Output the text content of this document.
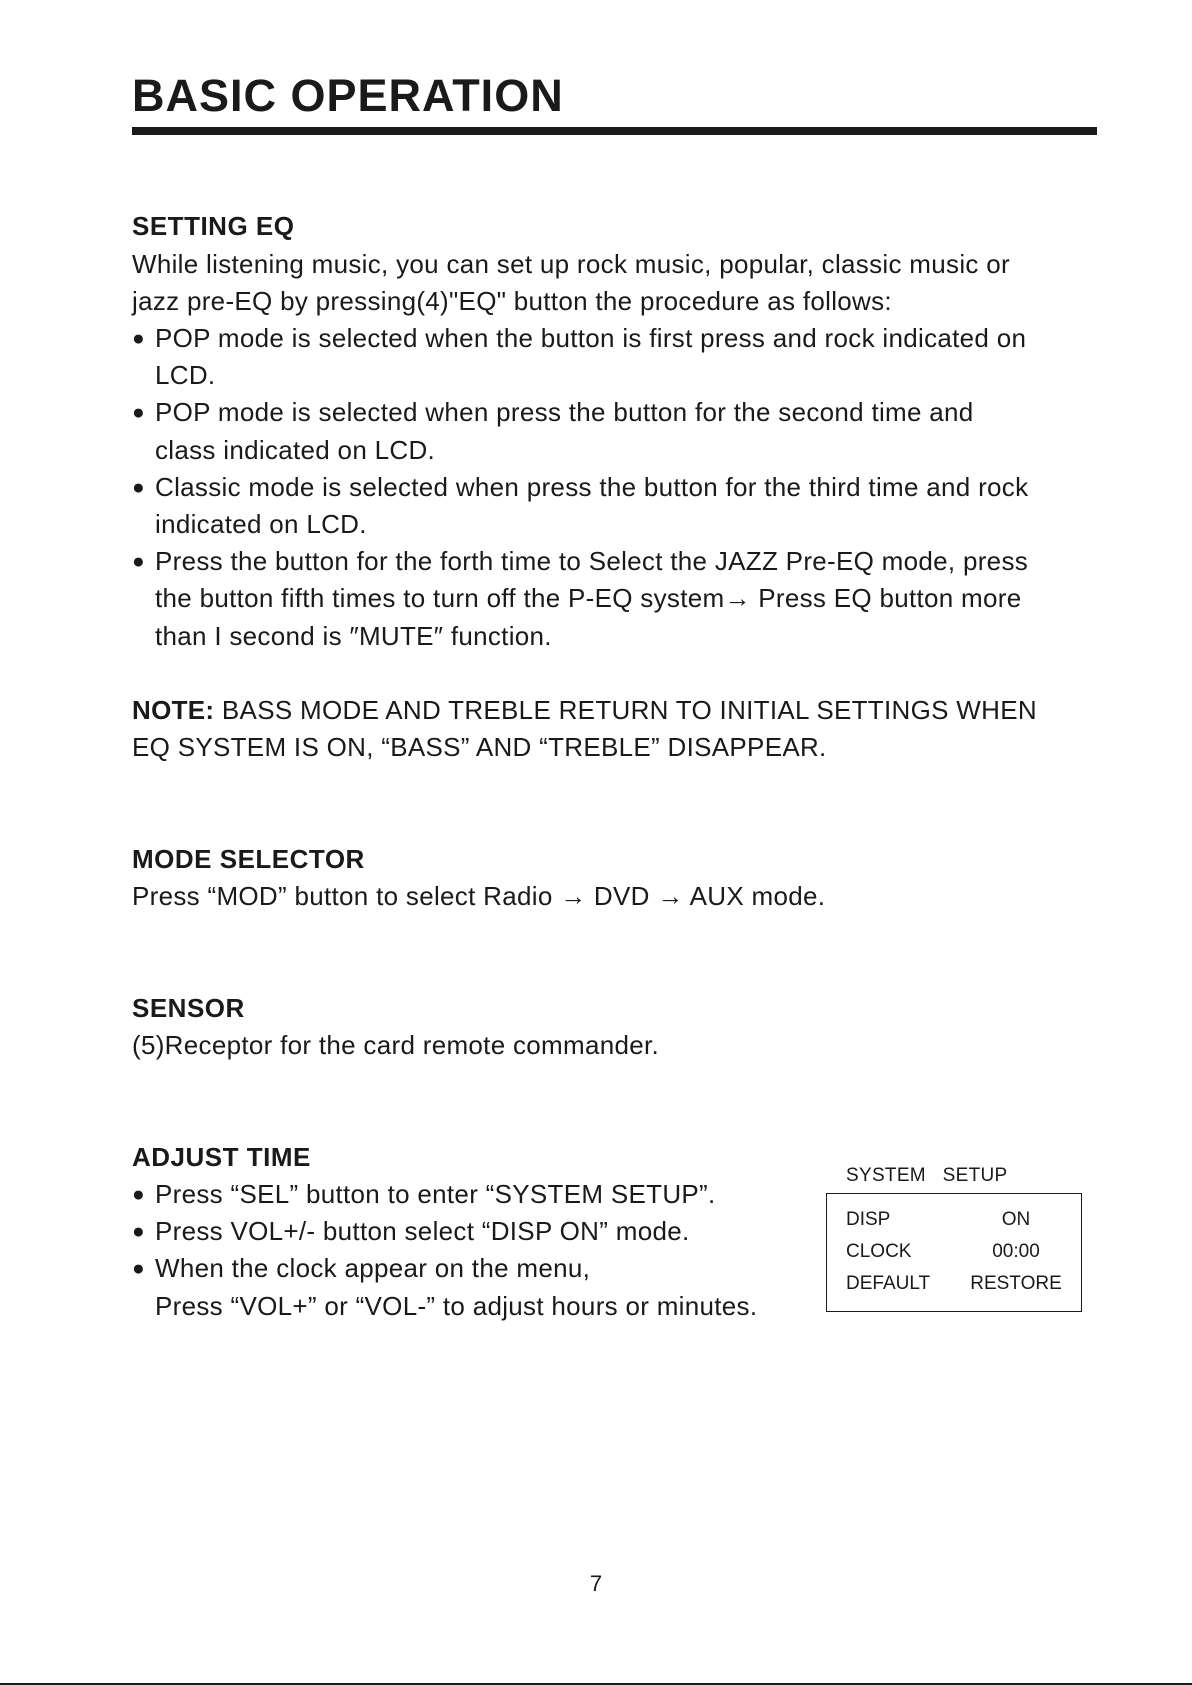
BASIC OPERATION
SETTING EQ

While listening music, you can set up rock music, popular, classic music or
jazz pre-EQ by pressing(4)"EQ" button the procedure as follows:

● POP mode is selected when the button is first press and rock indicated on
LCD.
● POP mode is selected when press the button for the second time and
class indicated on LCD.
● Classic mode is selected when press the button for the third time and rock
indicated on LCD.
● Press the button for the forth time to Select the JAZZ Pre-EQ mode, press
the button fifth times to turn off the P-EQ system→ Press EQ button more
than I second is ″MUTE″ function.

NOTE: BASS MODE AND TREBLE RETURN TO INITIAL SETTINGS WHEN
EQ SYSTEM IS ON, “BASS” AND “TREBLE” DISAPPEAR.

MODE SELECTOR

Press “MOD” button to select Radio → DVD → AUX mode.

SENSOR

(5)Receptor for the card remote commander.

ADJUST TIME
● Press “SEL” button to enter “SYSTEM SETUP”.
● Press VOL+/- button select “DISP ON” mode.
● When the clock appear on the menu,
Press “VOL+” or “VOL-” to adjust hours or minutes.
SYSTEM   SETUP
DISP	ON
CLOCK	00:00
DEFAULT RESTORE
7
